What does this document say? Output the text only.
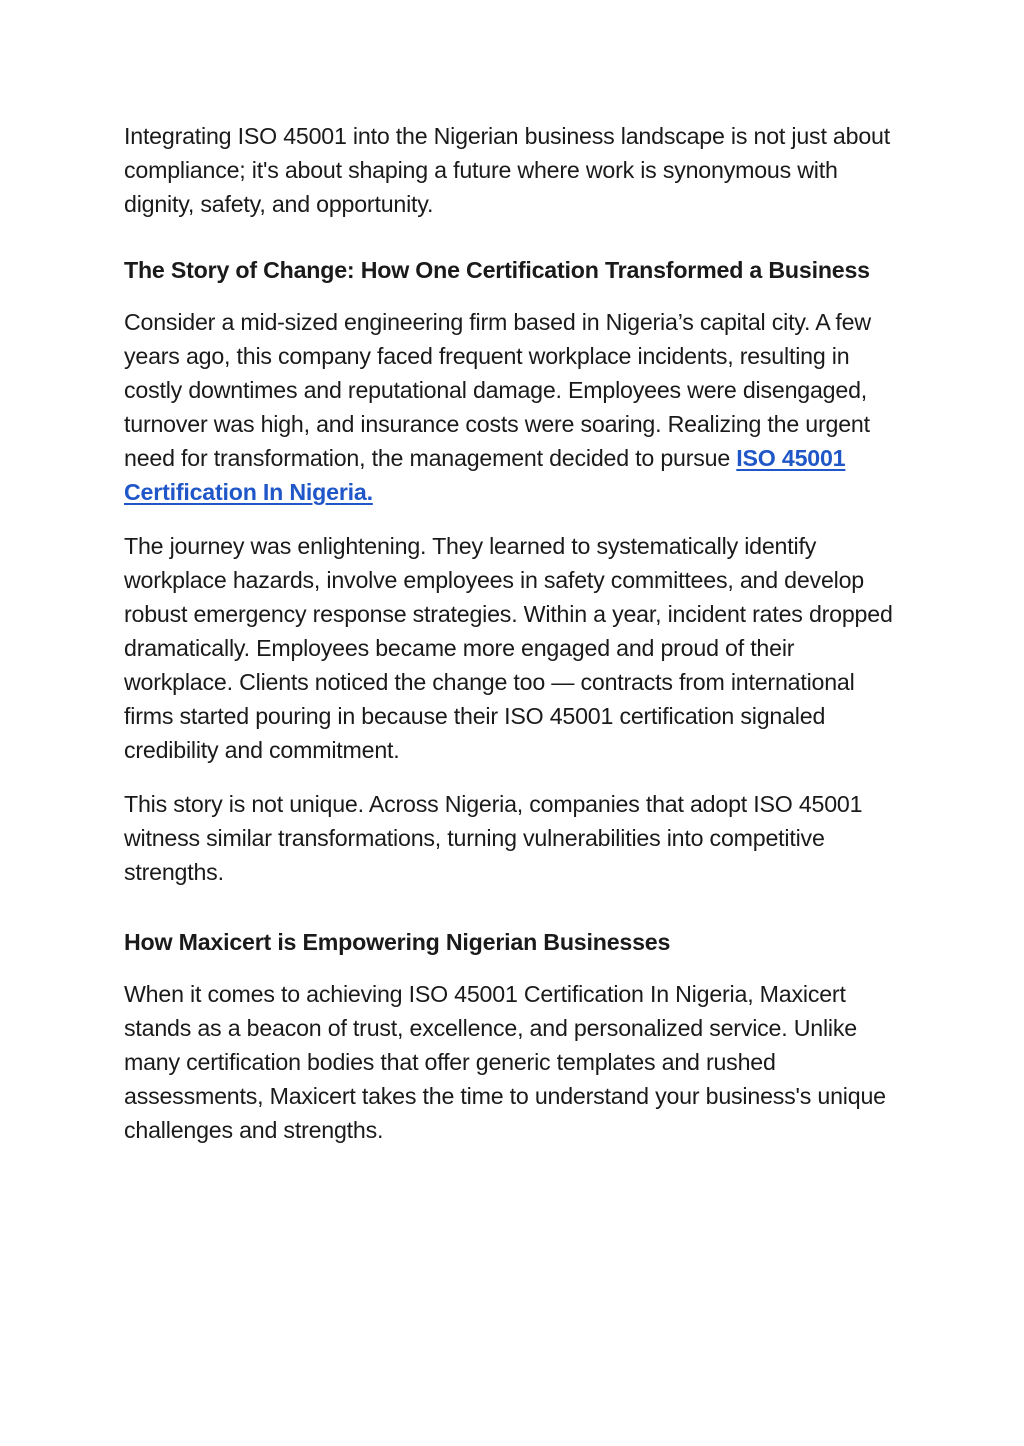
Integrating ISO 45001 into the Nigerian business landscape is not just about compliance; it's about shaping a future where work is synonymous with dignity, safety, and opportunity.

The Story of Change: How One Certification Transformed a Business

Consider a mid-sized engineering firm based in Nigeria’s capital city. A few years ago, this company faced frequent workplace incidents, resulting in costly downtimes and reputational damage. Employees were disengaged, turnover was high, and insurance costs were soaring. Realizing the urgent need for transformation, the management decided to pursue ISO 45001 Certification In Nigeria.

The journey was enlightening. They learned to systematically identify workplace hazards, involve employees in safety committees, and develop robust emergency response strategies. Within a year, incident rates dropped dramatically. Employees became more engaged and proud of their workplace. Clients noticed the change too — contracts from international firms started pouring in because their ISO 45001 certification signaled credibility and commitment.

This story is not unique. Across Nigeria, companies that adopt ISO 45001 witness similar transformations, turning vulnerabilities into competitive strengths.

How Maxicert is Empowering Nigerian Businesses

When it comes to achieving ISO 45001 Certification In Nigeria, Maxicert stands as a beacon of trust, excellence, and personalized service. Unlike many certification bodies that offer generic templates and rushed assessments, Maxicert takes the time to understand your business's unique challenges and strengths.
